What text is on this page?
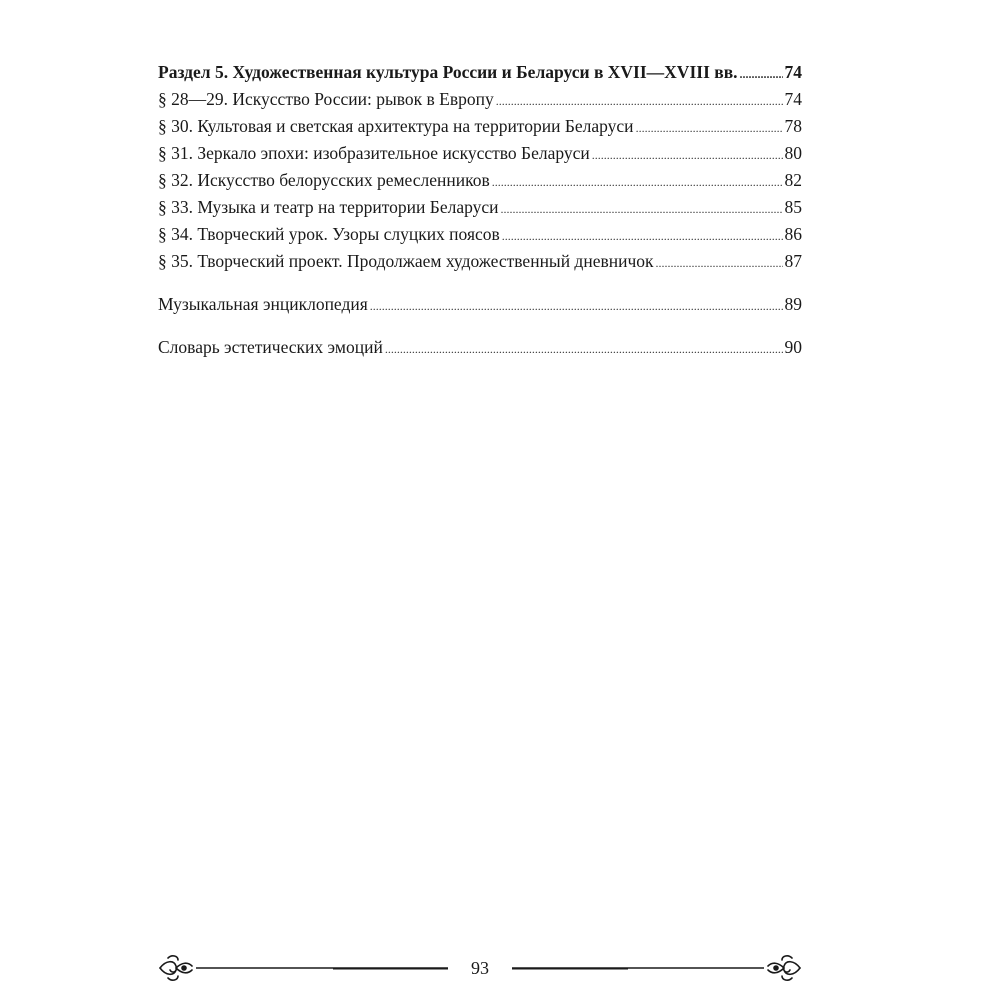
Раздел 5. Художественная культура России и Беларуси в XVII—XVIII вв. .....	74
§ 28—29. Искусство России: рывок в Европу .....	74
§ 30. Культовая и светская архитектура на территории Беларуси .....	78
§ 31. Зеркало эпохи: изобразительное искусство Беларуси .....	80
§ 32. Искусство белорусских ремесленников .....	82
§ 33. Музыка и театр на территории Беларуси .....	85
§ 34. Творческий урок. Узоры слуцких поясов .....	86
§ 35. Творческий проект. Продолжаем художественный дневничок .....	87
Музыкальная энциклопедия .....	89
Словарь эстетических эмоций .....	90
93
